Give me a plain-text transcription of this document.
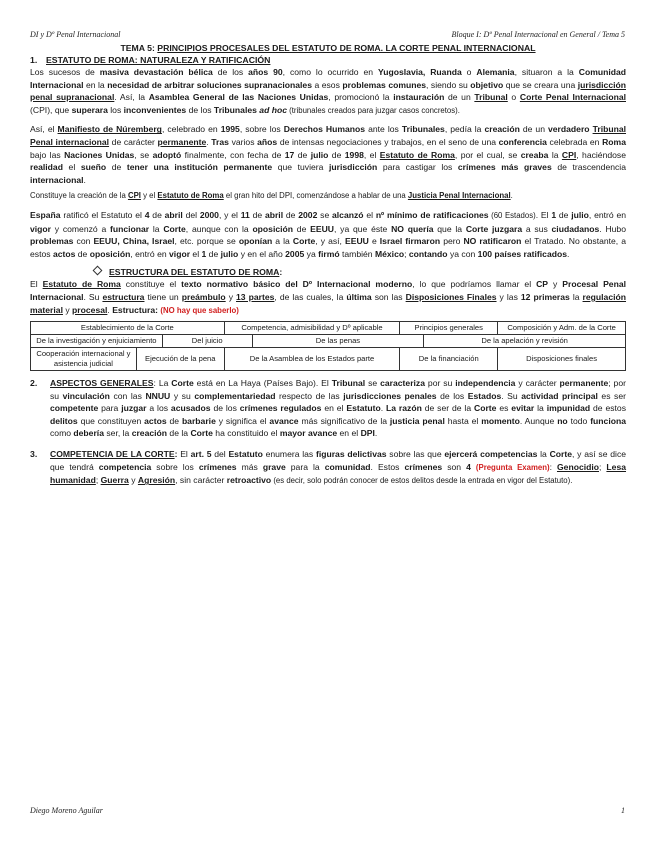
DI y Dº Penal Internacional	Bloque I: Dº Penal Internacional en General / Tema 5
TEMA 5: PRINCIPIOS PROCESALES DEL ESTATUTO DE ROMA. LA CORTE PENAL INTERNACIONAL
1. ESTATUTO DE ROMA: NATURALEZA Y RATIFICACIÓN

Los sucesos de masiva devastación bélica de los años 90, como lo ocurrido en Yugoslavia, Ruanda o Alemania, situaron a la Comunidad Internacional en la necesidad de arbitrar soluciones supranacionales a esos problemas comunes, siendo su objetivo que se creara una jurisdicción penal supranacional. Así, la Asamblea General de las Naciones Unidas, promocionó la instauración de un Tribunal o Corte Penal Internacional (CPI), que superara los inconvenientes de los Tribunales ad hoc (tribunales creados para juzgar casos concretos).

Así, el Manifiesto de Núremberg, celebrado en 1995, sobre los Derechos Humanos ante los Tribunales, pedía la creación de un verdadero Tribunal Penal internacional de carácter permanente. Tras varios años de intensas negociaciones y trabajos, en el seno de una conferencia celebrada en Roma bajo las Naciones Unidas, se adoptó finalmente, con fecha de 17 de julio de 1998, el Estatuto de Roma, por el cual, se creaba la CPI, haciéndose realidad el sueño de tener una institución permanente que tuviera jurisdicción para castigar los crímenes más graves de trascendencia internacional.

Constituye la creación de la CPI y el Estatuto de Roma el gran hito del DPI, comenzándose a hablar de una Justicia Penal Internacional.

España ratificó el Estatuto el 4 de abril del 2000, y el 11 de abril de 2002 se alcanzó el nº mínimo de ratificaciones (60 Estados). El 1 de julio, entró en vigor y comenzó a funcionar la Corte, aunque con la oposición de EEUU, ya que éste NO quería que la Corte juzgara a sus ciudadanos. Hubo problemas con EEUU, China, Israel, etc. porque se oponían a la Corte, y así, EEUU e Israel firmaron pero NO ratificaron el Tratado. No obstante, a estos actos de oposición, entró en vigor el 1 de julio y en el año 2005 ya firmó también México; contando ya con 100 países ratificados.

ESTRUCTURA DEL ESTATUTO DE ROMA:

El Estatuto de Roma constituye el texto normativo básico del Dº Internacional moderno, lo que podríamos llamar el CP y Procesal Penal Internacional. Su estructura tiene un preámbulo y 13 partes, de las cuales, la última son las Disposiciones Finales y las 12 primeras la regulación material y procesal. Estructura: (NO hay que saberlo)

Establecimiento de la Corte			Competencia, admisibilidad y Dº aplicable			Principios generales		Composición y Adm. de la Corte	
De la investigación y enjuiciamiento		Del juicio		De las penas			De la apelación y revisión		
Cooperación internacional y asistencia judicial	Ejecución de la pena		De la Asamblea de los Estados parte			De la financiación		Disposiciones finales	

2.	ASPECTOS GENERALES: La Corte está en La Haya (Países Bajo). El Tribunal se caracteriza por su independencia y carácter permanente; por su vinculación con las NNUU y su complementariedad respecto de las jurisdicciones penales de los Estados. Su actividad principal es ser competente para juzgar a los acusados de los crímenes regulados en el Estatuto. La razón de ser de la Corte es evitar la impunidad de estos delitos que constituyen actos de barbarie y significa el avance más significativo de la justicia penal hasta el momento. Aunque no todo funciona como debería ser, la creación de la Corte ha constituido el mayor avance en el DPI.
3.	COMPETENCIA DE LA CORTE: El art. 5 del Estatuto enumera las figuras delictivas sobre las que ejercerá competencias la Corte, y así se dice que tendrá competencia sobre los crímenes más grave para la comunidad. Estos crímenes son 4 (Pregunta Examen): Genocidio; Lesa humanidad; Guerra y Agresión, sin carácter retroactivo (es decir, solo podrán conocer de estos delitos desde la entrada en vigor del Estatuto).
Diego Moreno Aguilar	1
